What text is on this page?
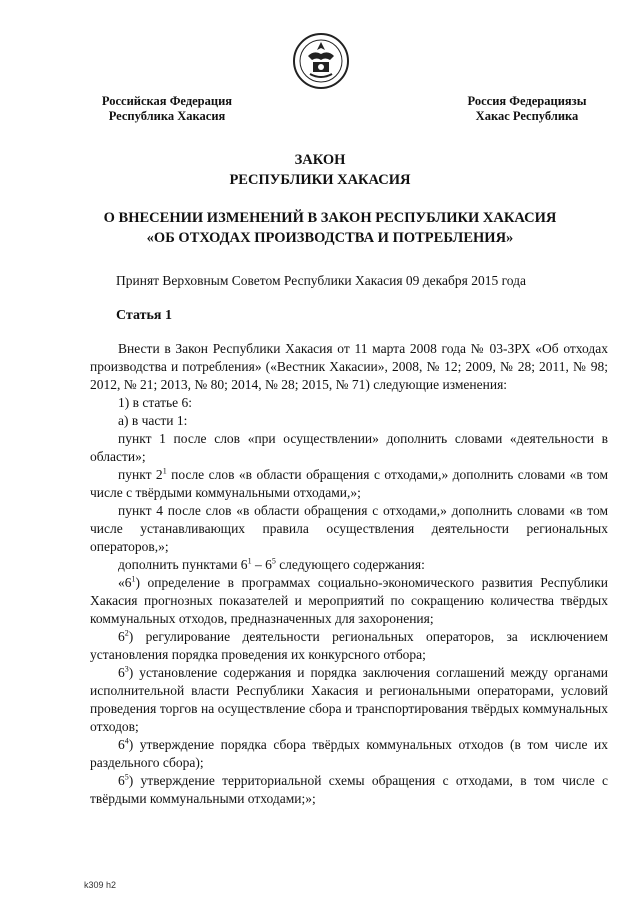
Российская Федерация
Республика Хакасия
Россия Федерациязы
Хакас Республика
ЗАКОН
РЕСПУБЛИКИ ХАКАСИЯ
О ВНЕСЕНИИ ИЗМЕНЕНИЙ В ЗАКОН РЕСПУБЛИКИ ХАКАСИЯ
«ОБ ОТХОДАХ ПРОИЗВОДСТВА И ПОТРЕБЛЕНИЯ»
Принят Верховным Советом Республики Хакасия 09 декабря 2015 года
Статья 1

Внести в Закон Республики Хакасия от 11 марта 2008 года № 03-ЗРХ «Об отходах производства и потребления» («Вестник Хакасии», 2008, № 12; 2009, № 28; 2011, № 98; 2012, № 21; 2013, № 80; 2014, № 28; 2015, № 71) следующие изменения:

1) в статье 6:

а) в части 1:

пункт 1 после слов «при осуществлении» дополнить словами «деятельности в области»;

пункт $2^1$ после слов «в области обращения с отходами,» дополнить словами «в том числе с твёрдыми коммунальными отходами,»;

пункт 4 после слов «в области обращения с отходами,» дополнить словами «в том числе устанавливающих правила осуществления деятельности региональных операторов,»;

дополнить пунктами $6^1 - 6^5$ следующего содержания:

«$6^1$) определение в программах социально-экономического развития Республики Хакасия прогнозных показателей и мероприятий по сокращению количества твёрдых коммунальных отходов, предназначенных для захоронения;

$6^2$) регулирование деятельности региональных операторов, за исключением установления порядка проведения их конкурсного отбора;

$6^3$) установление содержания и порядка заключения соглашений между органами исполнительной власти Республики Хакасия и региональными операторами, условий проведения торгов на осуществление сбора и транспортирования твёрдых коммунальных отходов;

$6^4$) утверждение порядка сбора твёрдых коммунальных отходов (в том числе их раздельного сбора);

$6^5$) утверждение территориальной схемы обращения с отходами, в том числе с твёрдыми коммунальными отходами;»;

k309 h2
